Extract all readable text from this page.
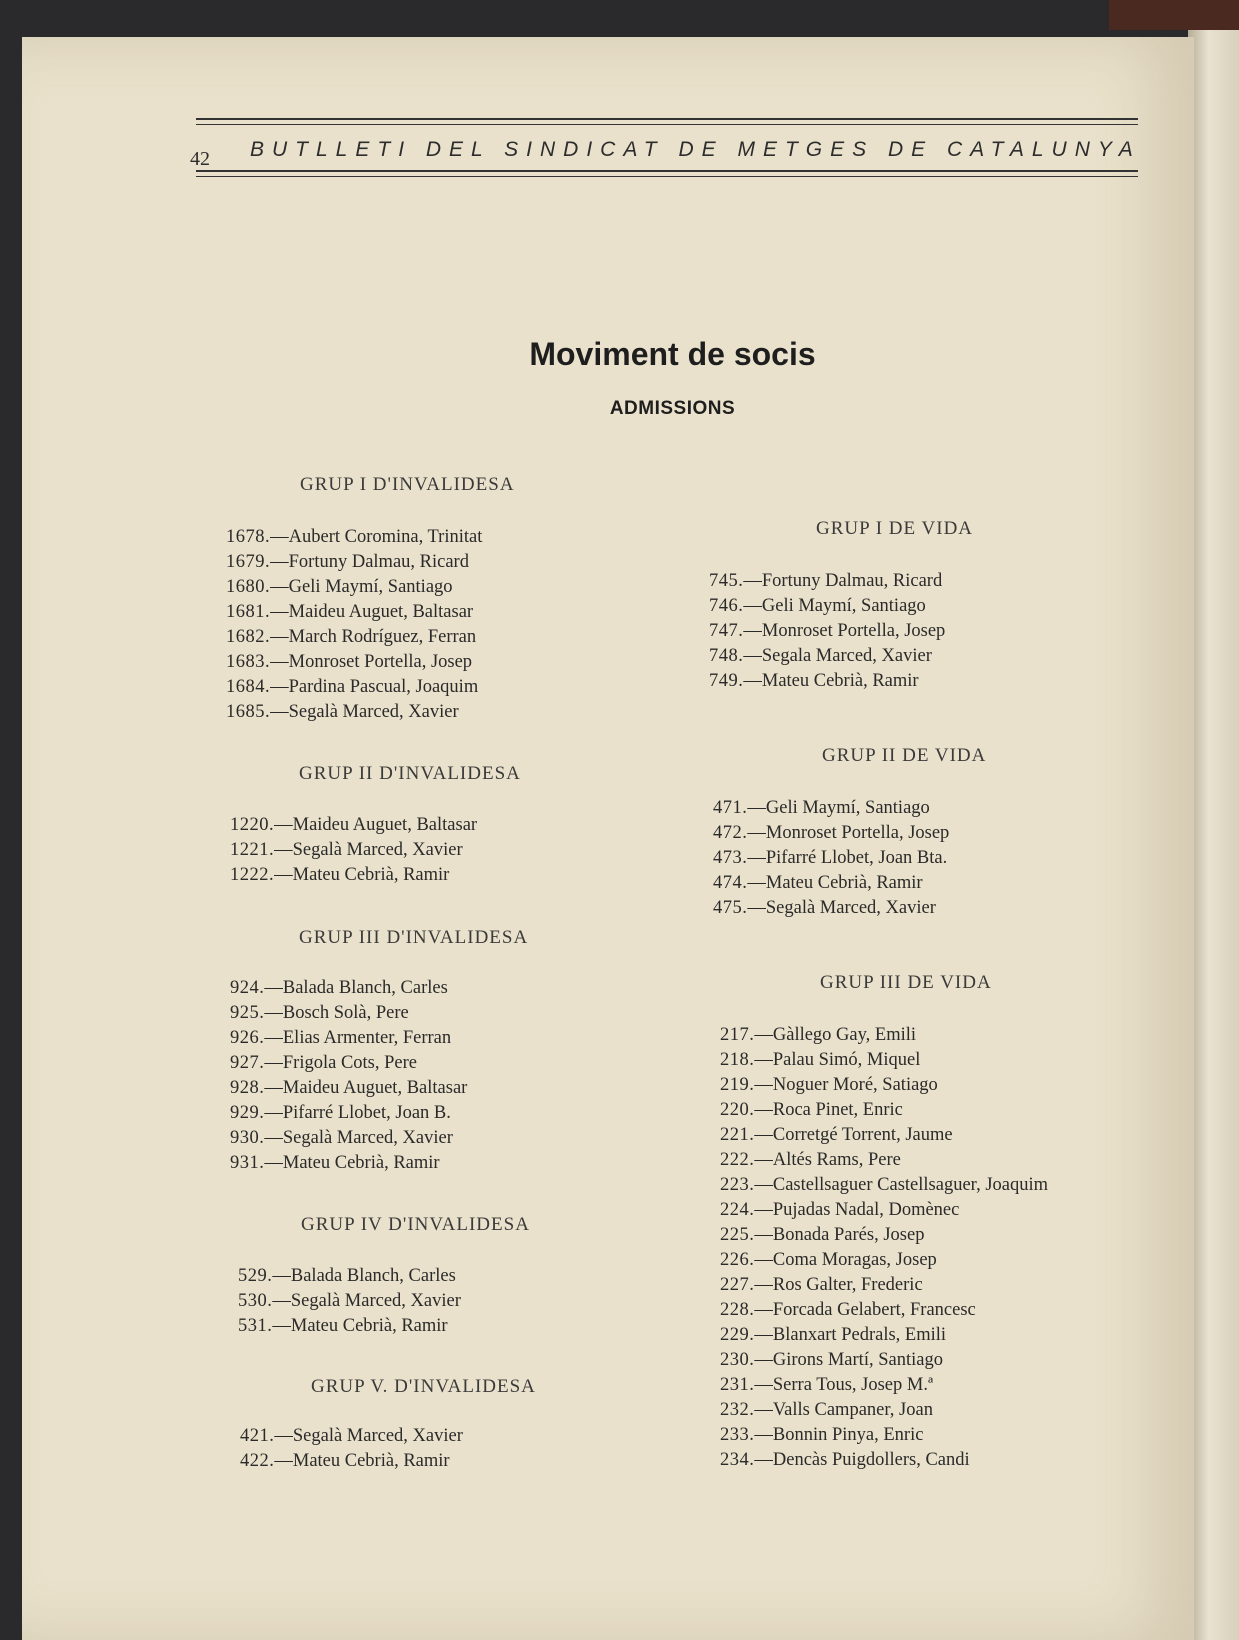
42 BUTLLETI DEL SINDICAT DE METGES DE CATALUNYA
Moviment de socis
ADMISSIONS
GRUP I D'INVALIDESA
1678.—Aubert Coromina, Trinitat
1679.—Fortuny Dalmau, Ricard
1680.—Geli Maymí, Santiago
1681.—Maideu Auguet, Baltasar
1682.—March Rodríguez, Ferran
1683.—Monroset Portella, Josep
1684.—Pardina Pascual, Joaquim
1685.—Segalà Marced, Xavier
GRUP II D'INVALIDESA
1220.—Maideu Auguet, Baltasar
1221.—Segalà Marced, Xavier
1222.—Mateu Cebrià, Ramir
GRUP III D'INVALIDESA
924.—Balada Blanch, Carles
925.—Bosch Solà, Pere
926.—Elias Armenter, Ferran
927.—Frigola Cots, Pere
928.—Maideu Auguet, Baltasar
929.—Pifarré Llobet, Joan B.
930.—Segalà Marced, Xavier
931.—Mateu Cebrià, Ramir
GRUP IV D'INVALIDESA
529.—Balada Blanch, Carles
530.—Segalà Marced, Xavier
531.—Mateu Cebrià, Ramir
GRUP V. D'INVALIDESA
421.—Segalà Marced, Xavier
422.—Mateu Cebrià, Ramir
GRUP I DE VIDA
745.—Fortuny Dalmau, Ricard
746.—Geli Maymí, Santiago
747.—Monroset Portella, Josep
748.—Segala Marced, Xavier
749.—Mateu Cebrià, Ramir
GRUP II DE VIDA
471.—Geli Maymí, Santiago
472.—Monroset Portella, Josep
473.—Pifarré Llobet, Joan Bta.
474.—Mateu Cebrià, Ramir
475.—Segalà Marced, Xavier
GRUP III DE VIDA
217.—Gàllego Gay, Emili
218.—Palau Simó, Miquel
219.—Noguer Moré, Satiago
220.—Roca Pinet, Enric
221.—Corretgé Torrent, Jaume
222.—Altés Rams, Pere
223.—Castellsaguer Castellsaguer, Joaquim
224.—Pujadas Nadal, Domènec
225.—Bonada Parés, Josep
226.—Coma Moragas, Josep
227.—Ros Galter, Frederic
228.—Forcada Gelabert, Francesc
229.—Blanxart Pedrals, Emili
230.—Girons Martí, Santiago
231.—Serra Tous, Josep M.ª
232.—Valls Campaner, Joan
233.—Bonnin Pinya, Enric
234.—Dencàs Puigdollers, Candi
